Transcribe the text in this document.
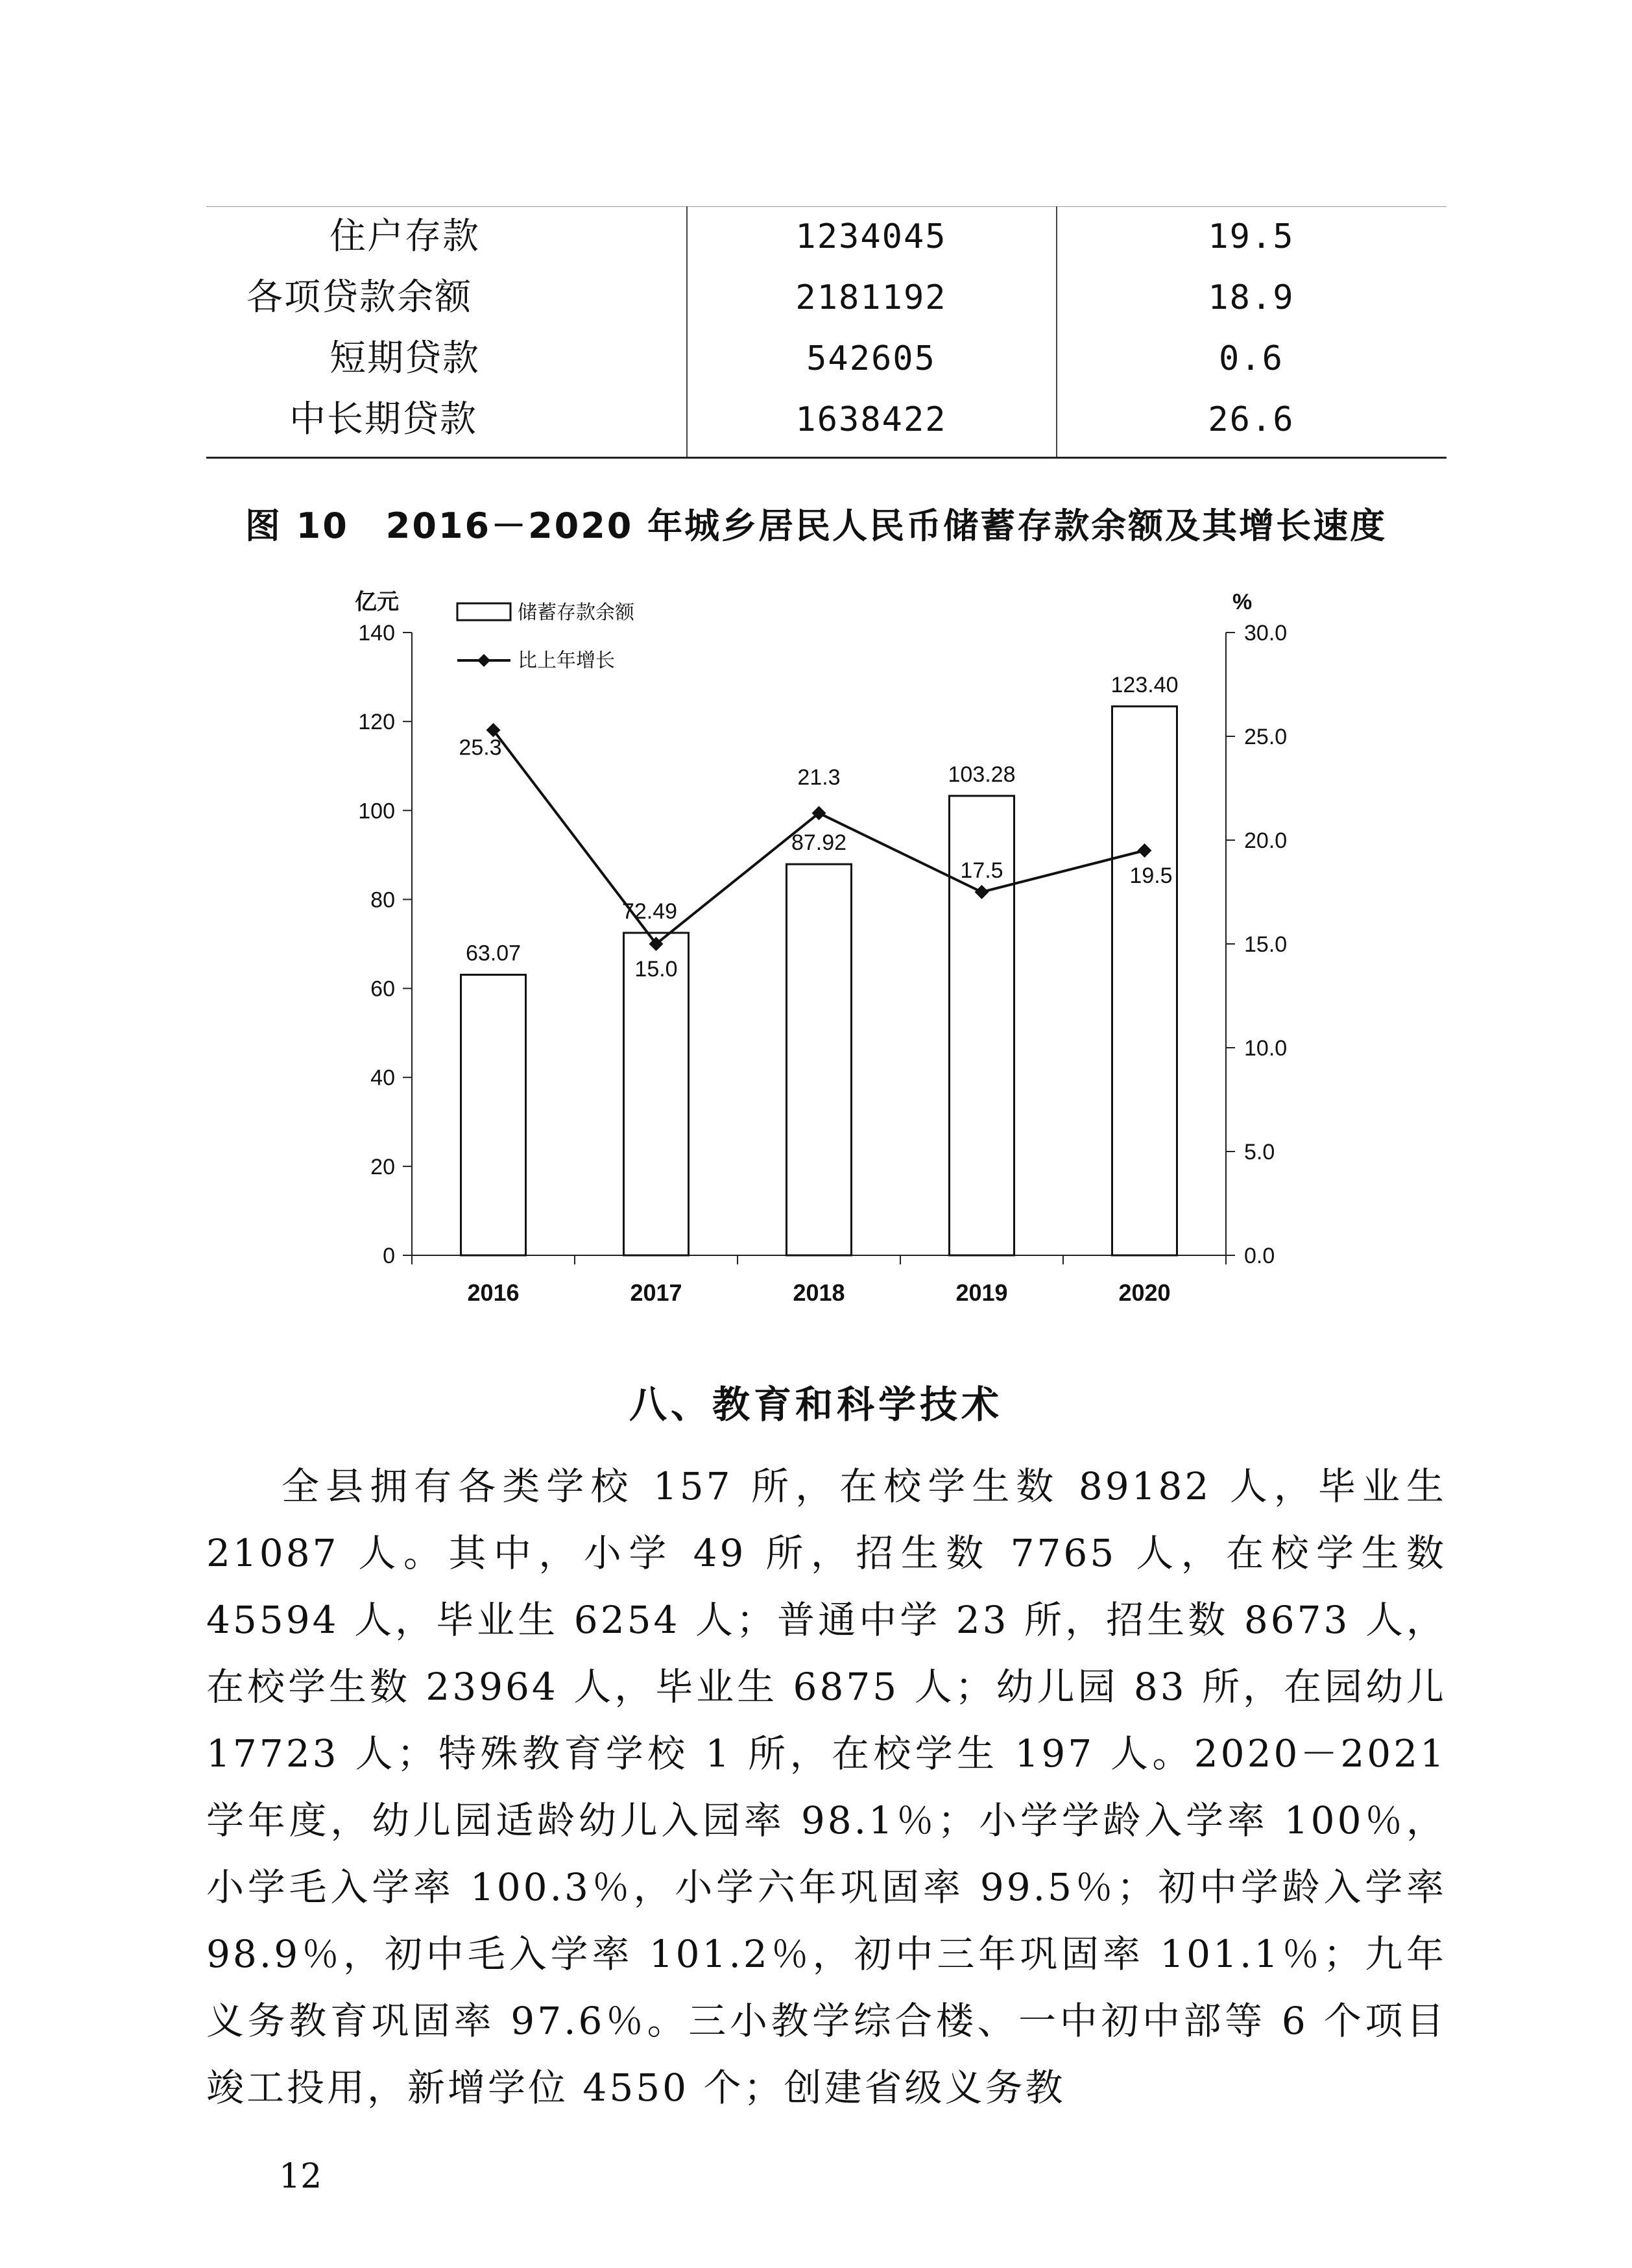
住户存款	1234045	19.5
各项贷款余额	2181192	18.9
短期贷款	542605	0.6
中长期贷款	1638422	26.6
图 10　2016－2020 年城乡居民人民币储蓄存款余额及其增长速度
0
20
40
60
80
100
120
140
0.0
5.0
10.0
15.0
20.0
25.0
30.0
2016	2017	2018	2019	2020
亿元	%
63.07
72.49
87.92
103.28
123.40
25.3
15.0
21.3
17.5	19.5
储蓄存款余额
比上年增长
八、教育和科学技术
全县拥有各类学校 157 所，在校学生数 89182 人，毕业生 21087 人。其中，小学 49 所，招生数 7765 人，在校学生数 45594 人，毕业生 6254 人；普通中学 23 所，招生数 8673 人，在校学生数 23964 人，毕业生 6875 人；幼儿园 83 所，在园幼儿 17723 人；特殊教育学校 1 所，在校学生 197 人。2020－2021 学年度，幼儿园适龄幼儿入园率 98.1％；小学学龄入学率 100％，小学毛入学率 100.3％，小学六年巩固率 99.5％；初中学龄入学率 98.9％，初中毛入学率 101.2％，初中三年巩固率 101.1％；九年义务教育巩固率 97.6％。三小教学综合楼、一中初中部等 6 个项目竣工投用，新增学位 4550 个；创建省级义务教
12
